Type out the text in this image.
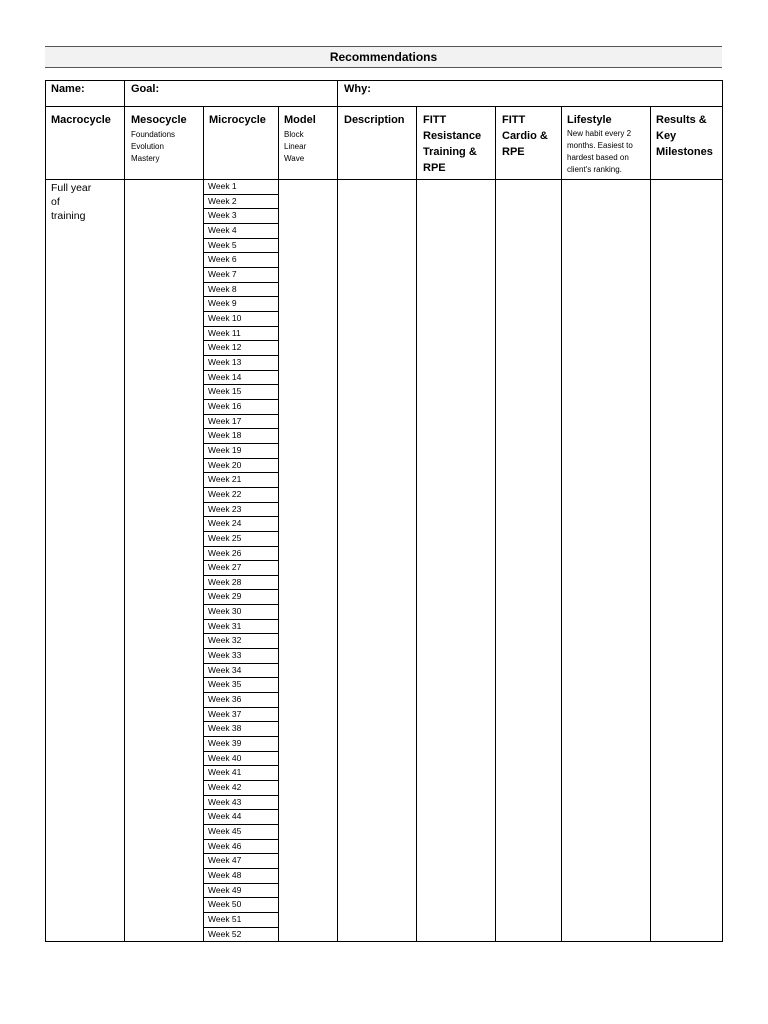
Recommendations
Name:	Goal:	Why:
Macrocycle Mesocycle
Foundations
Evolution
Mastery
Microcycle Model
Block
Linear
Wave
Description FITT
Resistance
Training &
RPE
FITT
Cardio &
RPE
Lifestyle
New habit every 2
months. Easiest to
hardest based on
client's ranking.
Results &
Key
Milestones
Full year
of
training
Week 1
Week 2
Week 3
Week 4
Week 5
Week 6
Week 7
Week 8
Week 9
Week 10
Week 11
Week 12
Week 13
Week 14
Week 15
Week 16
Week 17
Week 18
Week 19
Week 20
Week 21
Week 22
Week 23
Week 24
Week 25
Week 26
Week 27
Week 28
Week 29
Week 30
Week 31
Week 32
Week 33
Week 34
Week 35
Week 36
Week 37
Week 38
Week 39
Week 40
Week 41
Week 42
Week 43
Week 44
Week 45
Week 46
Week 47
Week 48
Week 49
Week 50
Week 51
Week 52
